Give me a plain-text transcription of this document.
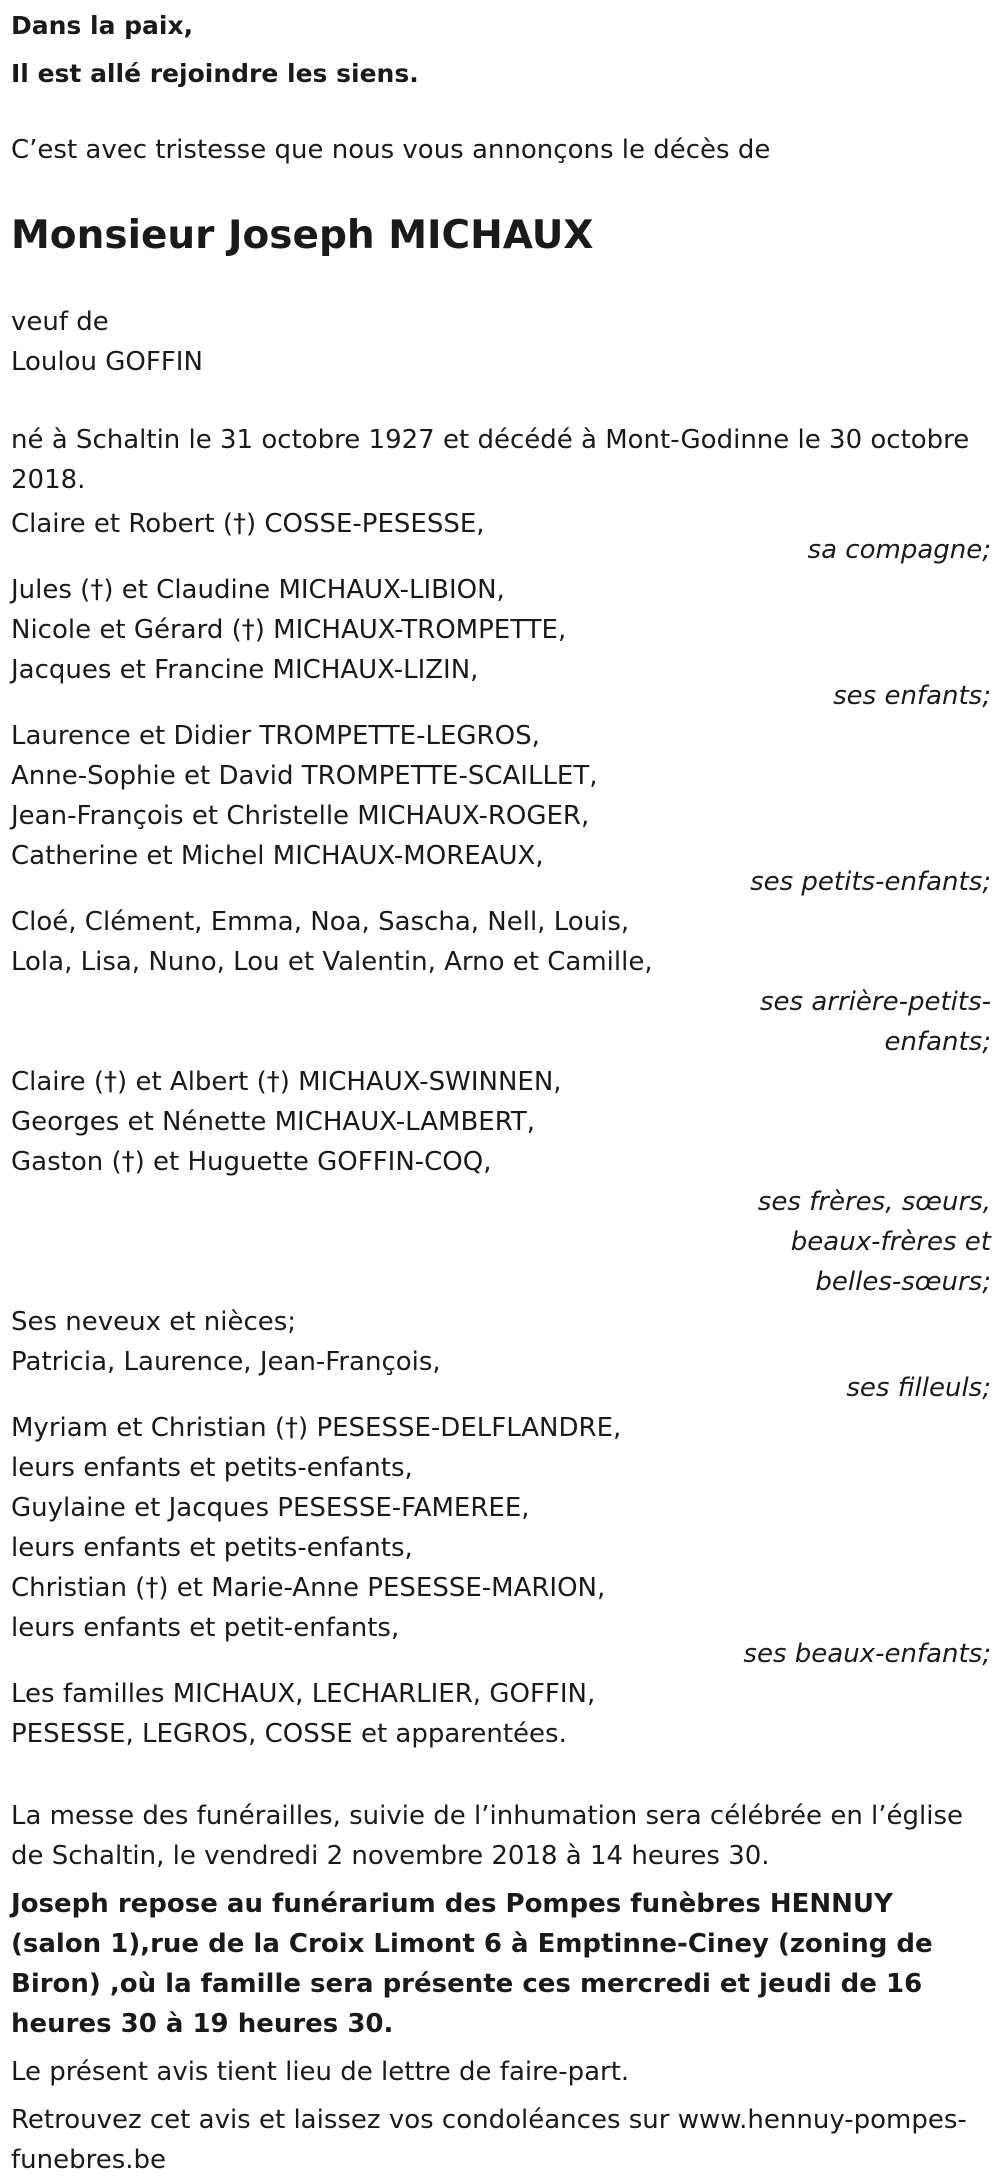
Dans la paix,

Il est allé rejoindre les siens.

C’est avec tristesse que nous vous annonçons le décès de

Monsieur Joseph MICHAUX

veuf de

Loulou GOFFIN

né à Schaltin le 31 octobre 1927 et décédé à Mont-Godinne le 30 octobre 2018.

Claire et Robert (†) COSSE-PESESSE,

sa compagne;

Jules (†) et Claudine MICHAUX-LIBION,

Nicole et Gérard (†) MICHAUX-TROMPETTE,

Jacques et Francine MICHAUX-LIZIN,

ses enfants;

Laurence et Didier TROMPETTE-LEGROS,

Anne-Sophie et David TROMPETTE-SCAILLET,

Jean-François et Christelle MICHAUX-ROGER,

Catherine et Michel MICHAUX-MOREAUX,

ses petits-enfants;

Cloé, Clément, Emma, Noa, Sascha, Nell, Louis,

Lola, Lisa, Nuno, Lou et Valentin, Arno et Camille,

ses arrière-petits-

enfants;

Claire (†) et Albert (†) MICHAUX-SWINNEN,

Georges et Nénette MICHAUX-LAMBERT,

Gaston (†) et Huguette GOFFIN-COQ,

ses frères, sœurs,

beaux-frères et

belles-sœurs;

Ses neveux et nièces;

Patricia, Laurence, Jean-François,

ses filleuls;

Myriam et Christian (†) PESESSE-DELFLANDRE,

leurs enfants et petits-enfants,

Guylaine et Jacques PESESSE-FAMEREE,

leurs enfants et petits-enfants,

Christian (†) et Marie-Anne PESESSE-MARION,

leurs enfants et petit-enfants,

ses beaux-enfants;

Les familles MICHAUX, LECHARLIER, GOFFIN,

PESESSE, LEGROS, COSSE et apparentées.

La messe des funérailles, suivie de l’inhumation sera célébrée en l’église de Schaltin, le vendredi 2 novembre 2018 à 14 heures 30.

Joseph repose au funérarium des Pompes funèbres HENNUY (salon 1),rue de la Croix Limont 6 à Emptinne-Ciney (zoning de Biron) ,où la famille sera présente ces mercredi et jeudi de 16 heures 30 à 19 heures 30.

Le présent avis tient lieu de lettre de faire-part.

Retrouvez cet avis et laissez vos condoléances sur www.hennuy-pompes-funebres.be
